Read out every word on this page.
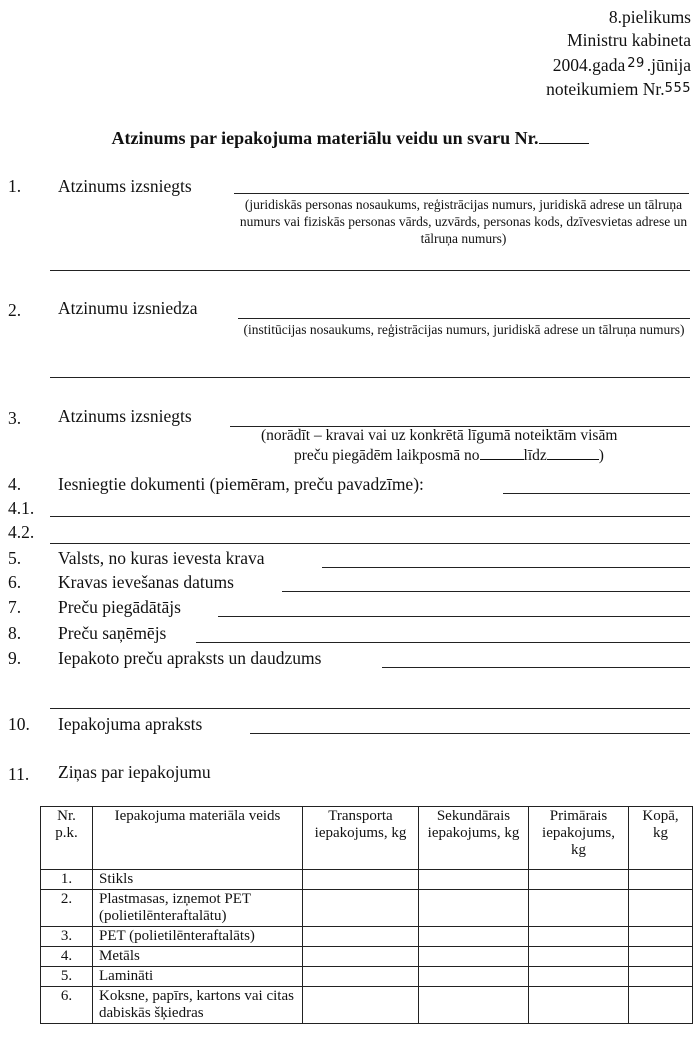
8.pielikums
Ministru kabineta
2004.gada $^{29}$ .jūnija
noteikumiem Nr.555
Atzinums par iepakojuma materiālu veidu un svaru Nr.
1. Atzinums izsniegts
(juridiskās personas nosaukums, reģistrācijas numurs, juridiskā adrese un tālruņa numurs vai fiziskās personas vārds, uzvārds, personas kods, dzīvesvietas adrese un tālruņa numurs)
2. Atzinumu izsniedza
(institūcijas nosaukums, reģistrācijas numurs, juridiskā adrese un tālruņa numurs)
3. Atzinums izsniegts
(norādīt – kravai vai uz konkrētā līgumā noteiktām visām
preču piegādēm laikposmā no	līdz	)
4. Iesniegtie dokumenti (piemēram, preču pavadzīme):
4.1.
4.2.
5. Valsts, no kuras ievesta krava
6. Kravas ievešanas datums
7. Preču piegādātājs
8. Preču saņēmējs
9. Iepakoto preču apraksts un daudzums
10. Iepakojuma apraksts
11. Ziņas par iepakojumu
Nr. p.k.	Iepakojuma materiāla veids	Transporta iepakojums, kg	Sekundārais iepakojums, kg	Primārais iepakojums, kg	Kopā, kg
1.	Stikls				
2.	Plastmasas, izņemot PET (polietilēnteraftalātu)				
3.	PET (polietilēnteraftalāts)				
4.	Metāls				
5.	Lamināti				
6.	Koksne, papīrs, kartons vai citas dabiskās šķiedras				
